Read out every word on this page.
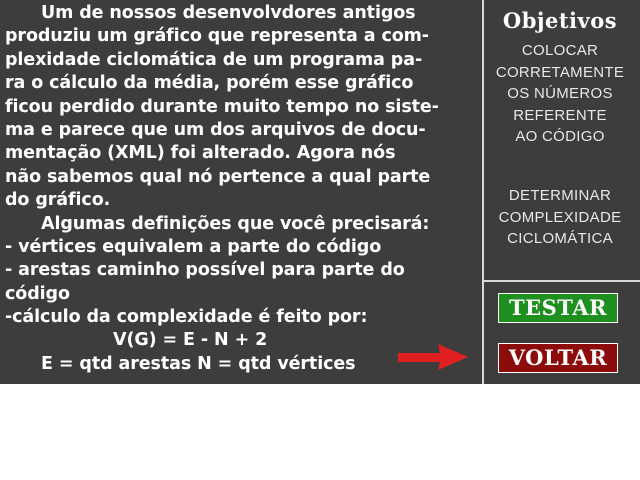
Um de nossos desenvolvdores antigos
produziu um gráfico que representa a com-
plexidade ciclomática de um programa pa-
ra o cálculo da média, porém esse gráfico
ficou perdido durante muito tempo no siste-
ma e parece que um dos arquivos de docu-
mentação (XML) foi alterado. Agora nós
não sabemos qual nó pertence a qual parte
do gráfico.
Algumas definições que você precisará:
- vértices equivalem a parte do código
- arestas caminho possível para parte do
código
-cálculo da complexidade é feito por:
V(G) = E - N + 2
E = qtd arestas N = qtd vértices
Objetivos
COLOCAR
CORRETAMENTE
OS NÚMEROS
REFERENTE
AO CÓDIGO
DETERMINAR
COMPLEXIDADE
CICLOMÁTICA
TESTAR
VOLTAR
